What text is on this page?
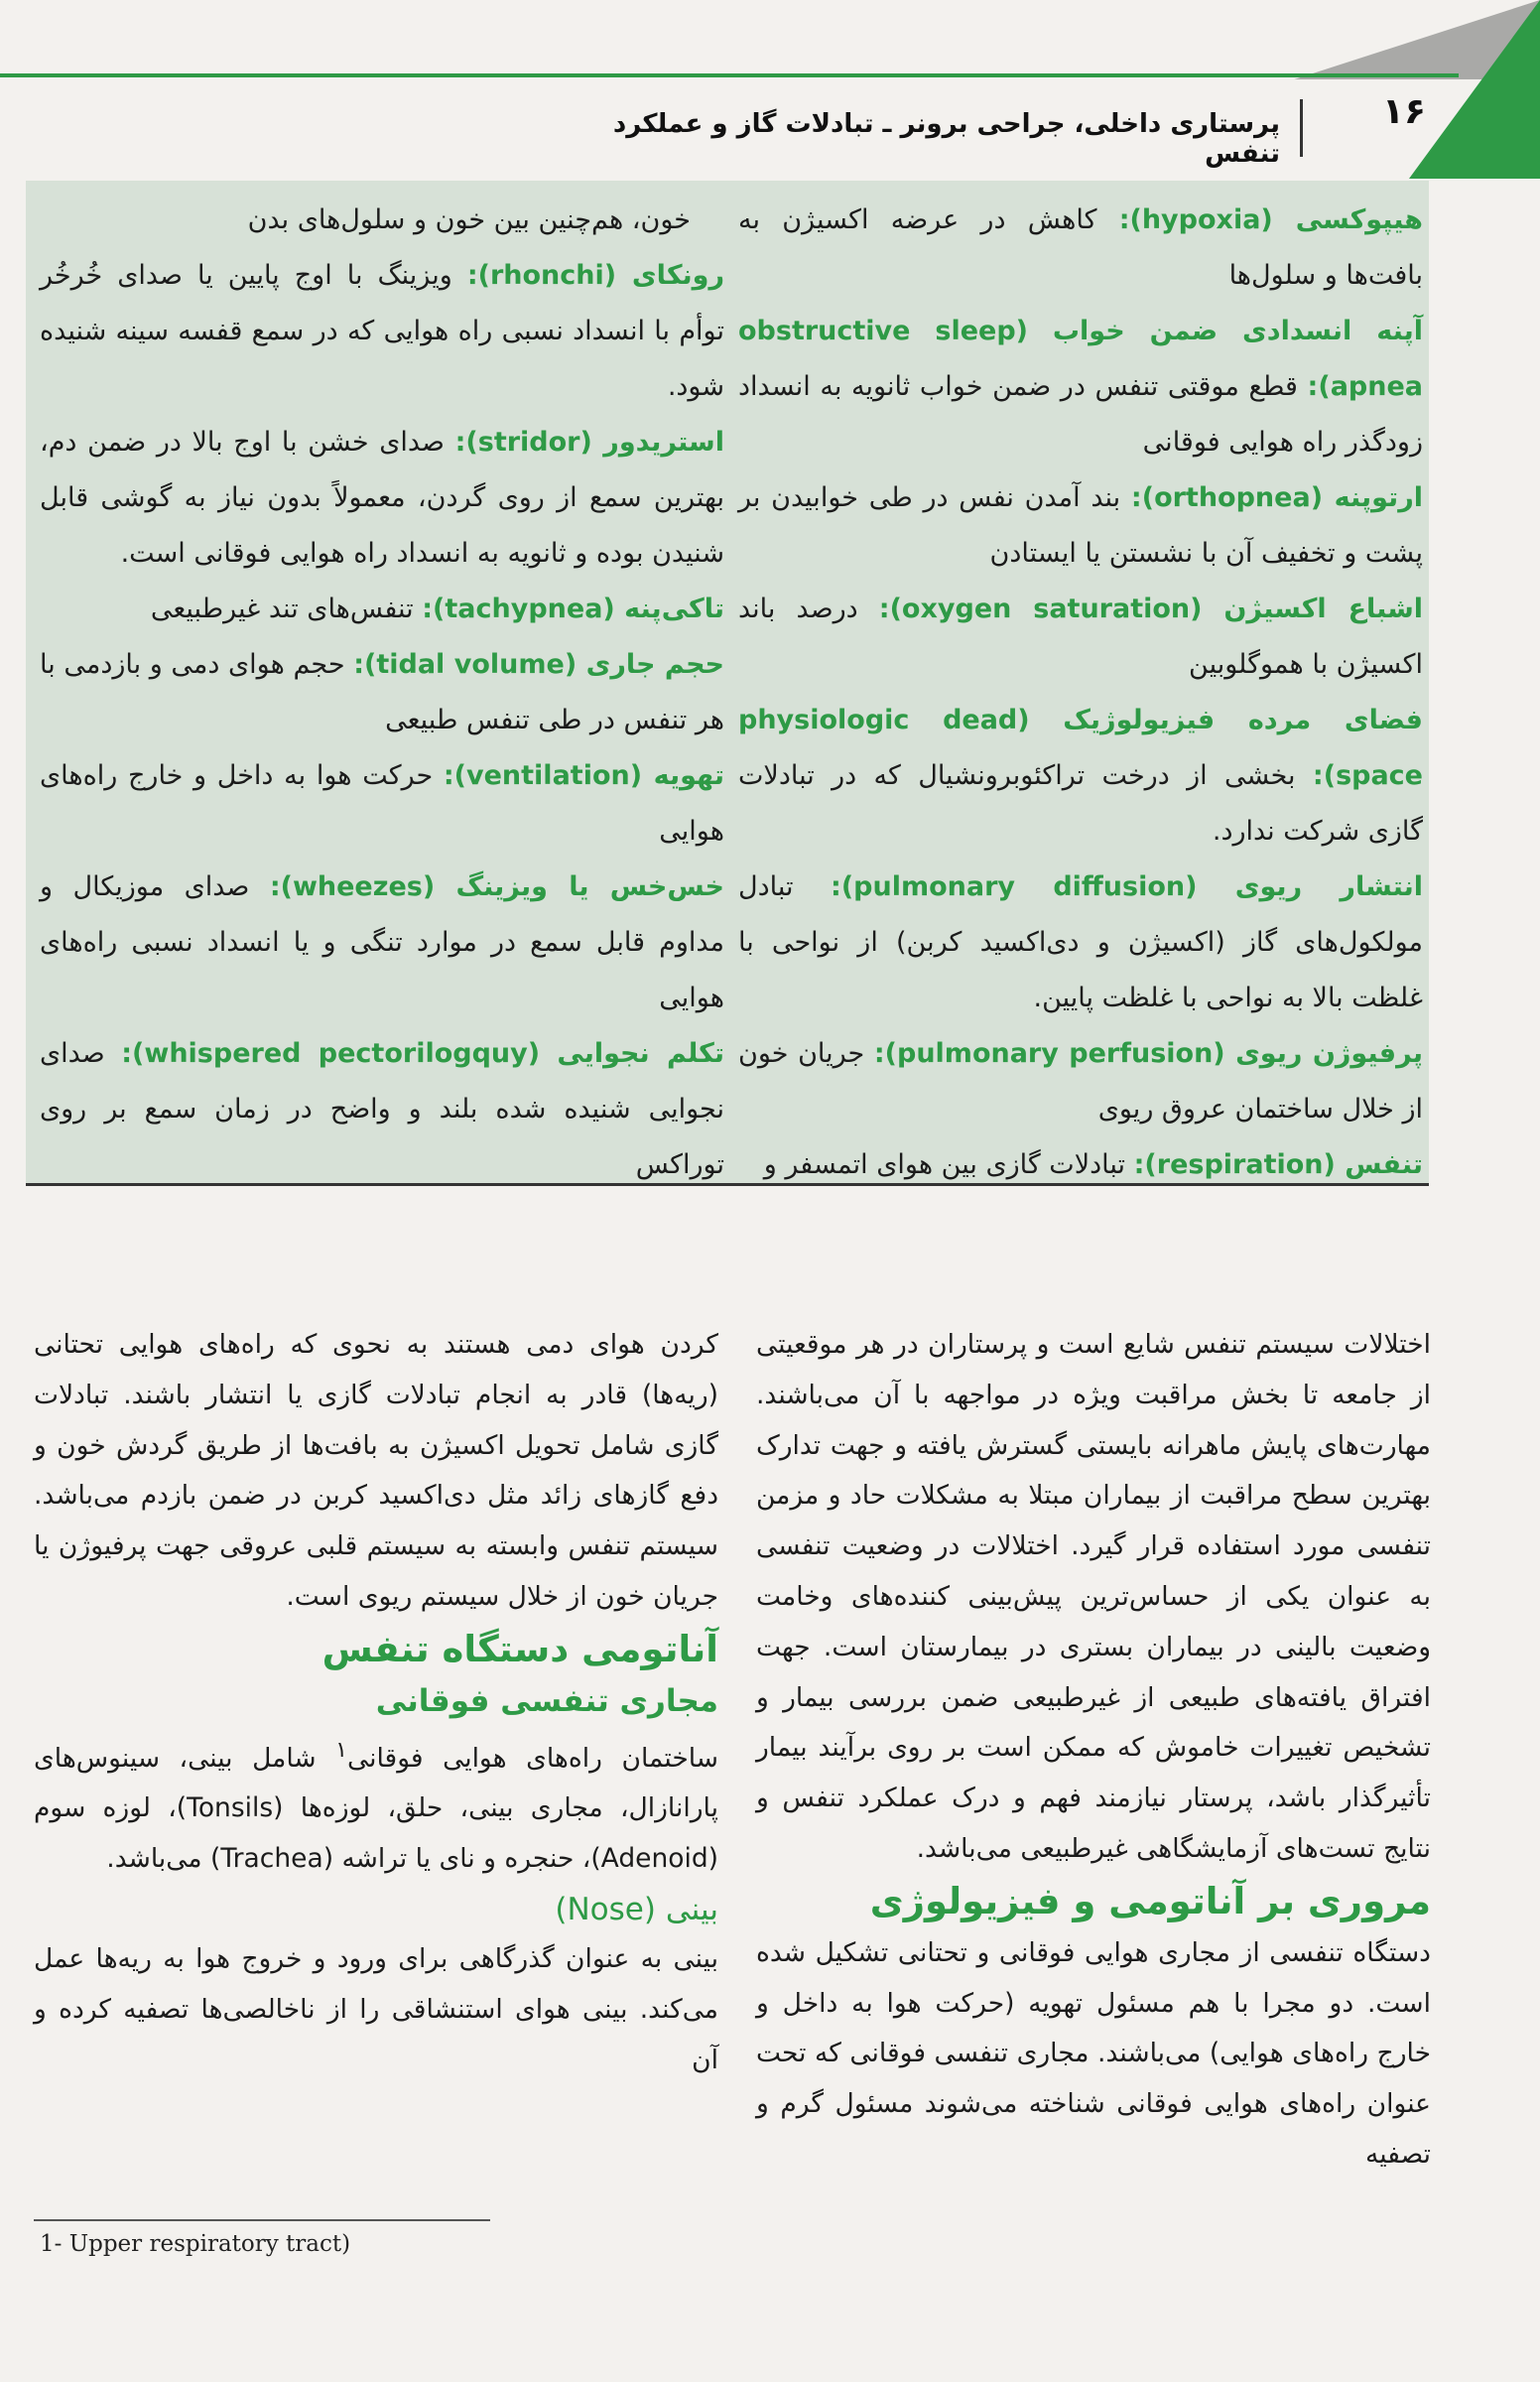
۱۶
پرستاری داخلی، جراحی برونر ـ تبادلات گاز و عملکرد تنفس

هیپوکسی (hypoxia): کاهش در عرضه اکسیژن به بافت‌ها و سلول‌ها

آپنه انسدادی ضمن خواب (obstructive sleep apnea): قطع موقتی تنفس در ضمن خواب ثانویه به انسداد زودگذر راه هوایی فوقانی

ارتوپنه (orthopnea): بند آمدن نفس در طی خوابیدن بر پشت و تخفیف آن با نشستن یا ایستادن

اشباع اکسیژن (oxygen saturation): درصد باند اکسیژن با هموگلوبین

فضای مرده فیزیولوژیک (physiologic dead space): بخشی از درخت تراکئوبرونشیال که در تبادلات گازی شرکت ندارد.

انتشار ریوی (pulmonary diffusion): تبادل مولکول‌های گاز (اکسیژن و دی‌اکسید کربن) از نواحی با غلظت بالا به نواحی با غلظت پایین.

پرفیوژن ریوی (pulmonary perfusion): جریان خون از خلال ساختمان عروق ریوی

تنفس (respiration): تبادلات گازی بین هوای اتمسفر و

خون، هم‌چنین بین خون و سلول‌های بدن

رونکای (rhonchi): ویزینگ با اوج پایین یا صدای خُرخُر توأم با انسداد نسبی راه هوایی که در سمع قفسه سینه شنیده شود.

استریدور (stridor): صدای خشن با اوج بالا در ضمن دم، بهترین سمع از روی گردن، معمولاً بدون نیاز به گوشی قابل شنیدن بوده و ثانویه به انسداد راه هوایی فوقانی است.

تاکی‌پنه (tachypnea): تنفس‌های تند غیرطبیعی

حجم جاری (tidal volume): حجم هوای دمی و بازدمی با هر تنفس در طی تنفس طبیعی

تهویه (ventilation): حرکت هوا به داخل و خارج راه‌های هوایی

خس‌خس یا ویزینگ (wheezes): صدای موزیکال و مداوم قابل سمع در موارد تنگی و یا انسداد نسبی راه‌های هوایی

تکلم نجوایی (whispered pectorilogquy): صدای نجوایی شنیده شده بلند و واضح در زمان سمع بر روی توراکس

اختلالات سیستم تنفس شایع است و پرستاران در هر موقعیتی از جامعه تا بخش مراقبت ویژه در مواجهه با آن می‌باشند. مهارت‌های پایش ماهرانه بایستی گسترش یافته و جهت تدارک بهترین سطح مراقبت از بیماران مبتلا به مشکلات حاد و مزمن تنفسی مورد استفاده قرار گیرد. اختلالات در وضعیت تنفسی به عنوان یکی از حساس‌ترین پیش‌بینی کننده‌های وخامت وضعیت بالینی در بیماران بستری در بیمارستان است. جهت افتراق یافته‌های طبیعی از غیرطبیعی ضمن بررسی بیمار و تشخیص تغییرات خاموش که ممکن است بر روی برآیند بیمار تأثیرگذار باشد، پرستار نیازمند فهم و درک عملکرد تنفس و نتایج تست‌های آزمایشگاهی غیرطبیعی می‌باشد.

مروری بر آناتومی و فیزیولوژی

دستگاه تنفسی از مجاری هوایی فوقانی و تحتانی تشکیل شده است. دو مجرا با هم مسئول تهویه (حرکت هوا به داخل و خارج راه‌های هوایی) می‌باشند. مجاری تنفسی فوقانی که تحت عنوان راه‌های هوایی فوقانی شناخته می‌شوند مسئول گرم و تصفیه

کردن هوای دمی هستند به نحوی که راه‌های هوایی تحتانی (ریه‌ها) قادر به انجام تبادلات گازی یا انتشار باشند. تبادلات گازی شامل تحویل اکسیژن به بافت‌ها از طریق گردش خون و دفع گازهای زائد مثل دی‌اکسید کربن در ضمن بازدم می‌باشد. سیستم تنفس وابسته به سیستم قلبی عروقی جهت پرفیوژن یا جریان خون از خلال سیستم ریوی است.

آناتومی دستگاه تنفس

مجاری تنفسی فوقانی

ساختمان راه‌های هوایی فوقانی$^۱$ شامل بینی، سینوس‌های پارانازال، مجاری بینی، حلق، لوزه‌ها (Tonsils)، لوزه سوم (Adenoid)، حنجره و نای یا تراشه (Trachea) می‌باشد.

بینی (Nose)

بینی به عنوان گذرگاهی برای ورود و خروج هوا به ریه‌ها عمل می‌کند. بینی هوای استنشاقی را از ناخالصی‌ها تصفیه کرده و آن

1- Upper respiratory tract)
